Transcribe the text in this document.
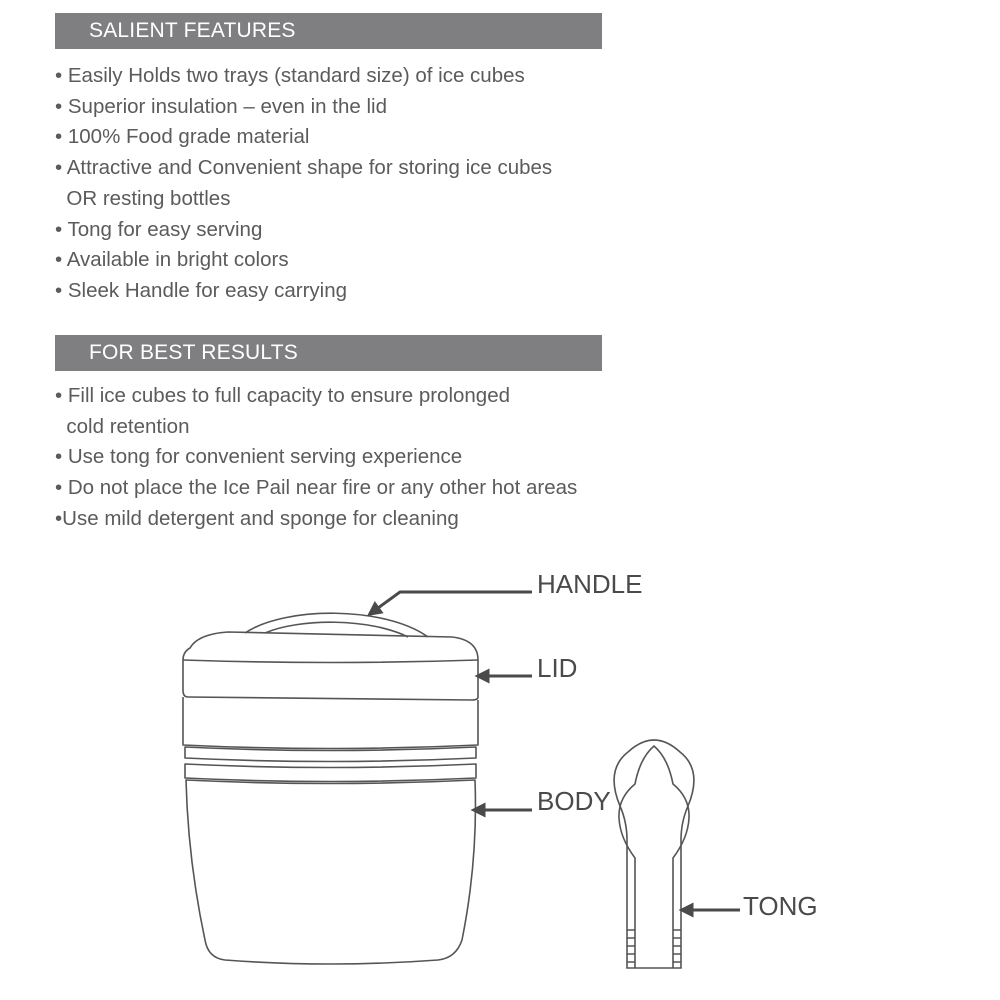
SALIENT FEATURES
• Easily Holds two trays (standard size) of ice cubes
• Superior insulation – even in the lid
• 100% Food grade material
• Attractive and Convenient shape for storing ice cubes
OR resting bottles
• Tong for easy serving
• Available in bright colors
• Sleek Handle for easy carrying
FOR BEST RESULTS
• Fill ice cubes to full capacity to ensure prolonged
cold retention
• Use tong for convenient serving experience
• Do not place the Ice Pail near fire or any other hot areas
•Use mild detergent and sponge for cleaning
HANDLE
LID
BODY
TONG
